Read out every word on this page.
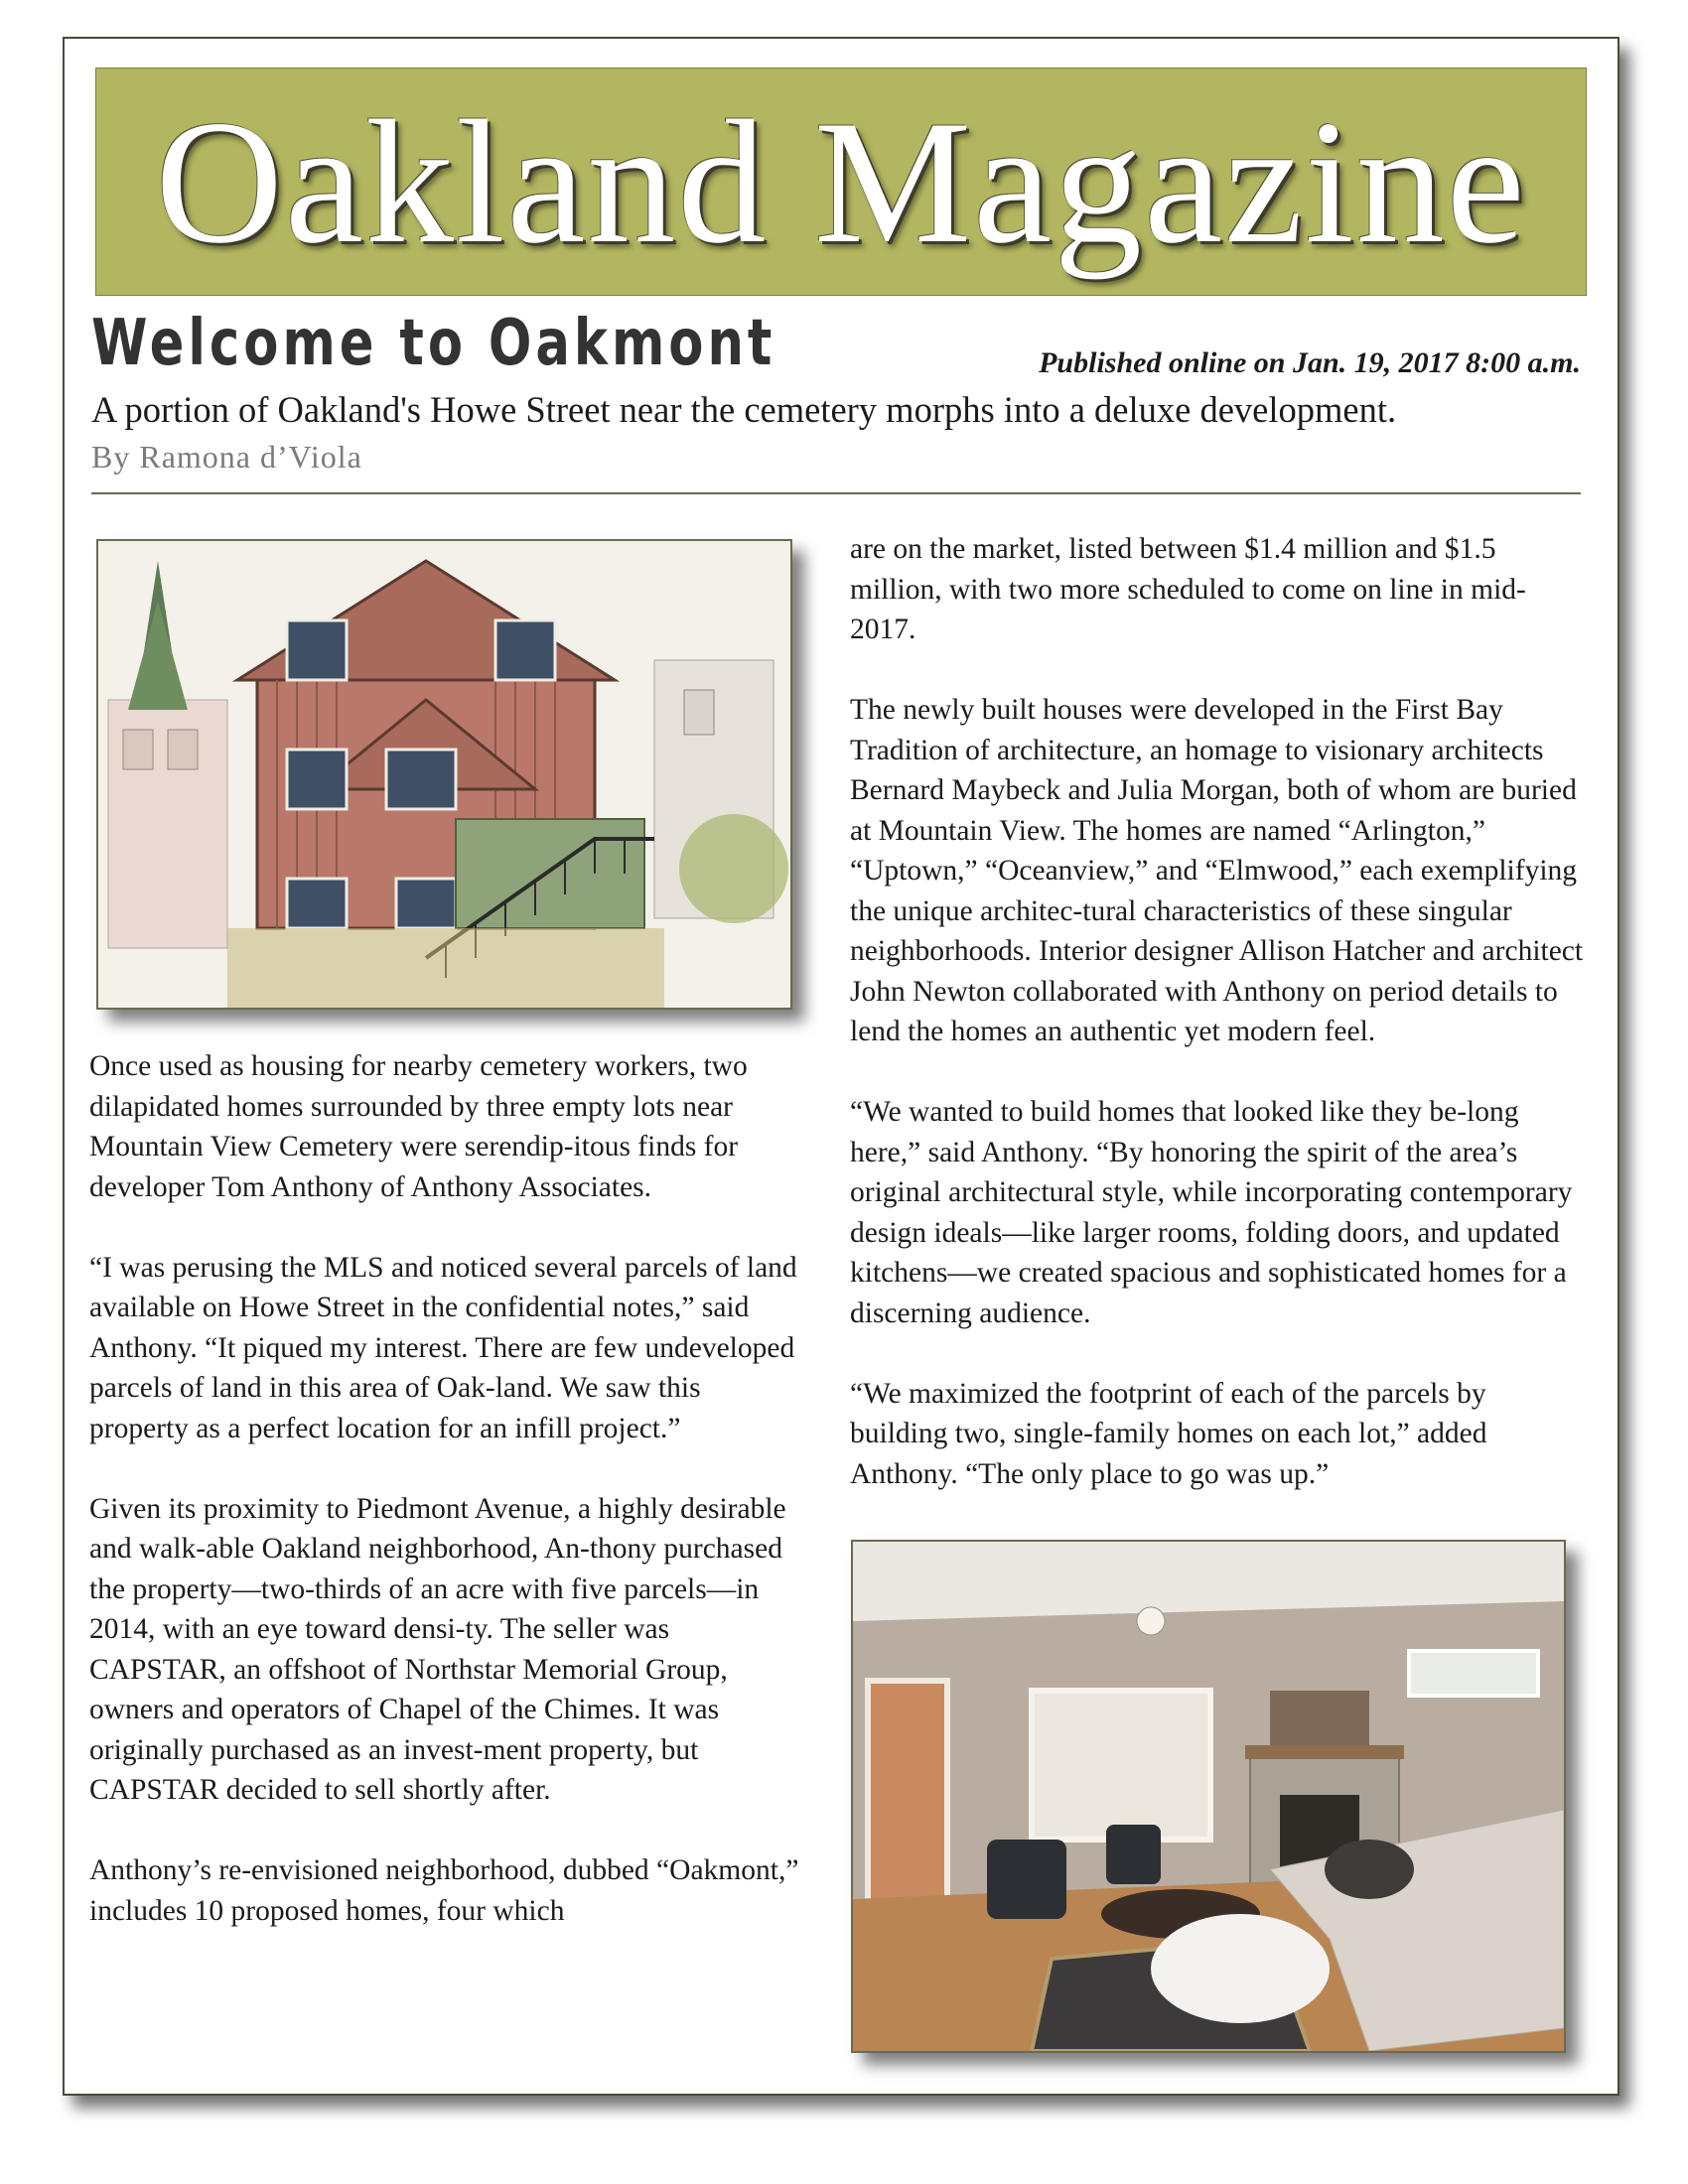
Oakland Magazine
Welcome to Oakmont	Published online on Jan. 19, 2017 8:00 a.m.
A portion of Oakland's Howe Street near the cemetery morphs into a deluxe development.
By Ramona d’Viola

Once used as housing for nearby cemetery workers, two dilapidated homes surrounded by three empty lots near Mountain View Cemetery were serendip-itous finds for developer Tom Anthony of Anthony Associates.

“I was perusing the MLS and noticed several parcels of land available on Howe Street in the confidential notes,” said Anthony. “It piqued my interest. There are few undeveloped parcels of land in this area of Oak-land. We saw this property as a perfect location for an infill project.”

Given its proximity to Piedmont Avenue, a highly desirable and walk-able Oakland neighborhood, An-thony purchased the property—two-thirds of an acre with five parcels—in 2014, with an eye toward densi-ty. The seller was CAPSTAR, an offshoot of Northstar Memorial Group, owners and operators of Chapel of the Chimes. It was originally purchased as an invest-ment property, but CAPSTAR decided to sell shortly after.

Anthony’s re-envisioned neighborhood, dubbed “Oakmont,” includes 10 proposed homes, four which

are on the market, listed between $1.4 million and $1.5 million, with two more scheduled to come on line in mid-2017.

The newly built houses were developed in the First Bay Tradition of architecture, an homage to visionary architects Bernard Maybeck and Julia Morgan, both of whom are buried at Mountain View. The homes are named “Arlington,” “Uptown,” “Oceanview,” and “Elmwood,” each exemplifying the unique architec-tural characteristics of these singular neighborhoods. Interior designer Allison Hatcher and architect John Newton collaborated with Anthony on period details to lend the homes an authentic yet modern feel.

“We wanted to build homes that looked like they be-long here,” said Anthony. “By honoring the spirit of the area’s original architectural style, while incorporating contemporary design ideals—like larger rooms, folding doors, and updated kitchens—we created spacious and sophisticated homes for a discerning audience.

“We maximized the footprint of each of the parcels by building two, single-family homes on each lot,” added Anthony. “The only place to go was up.”
